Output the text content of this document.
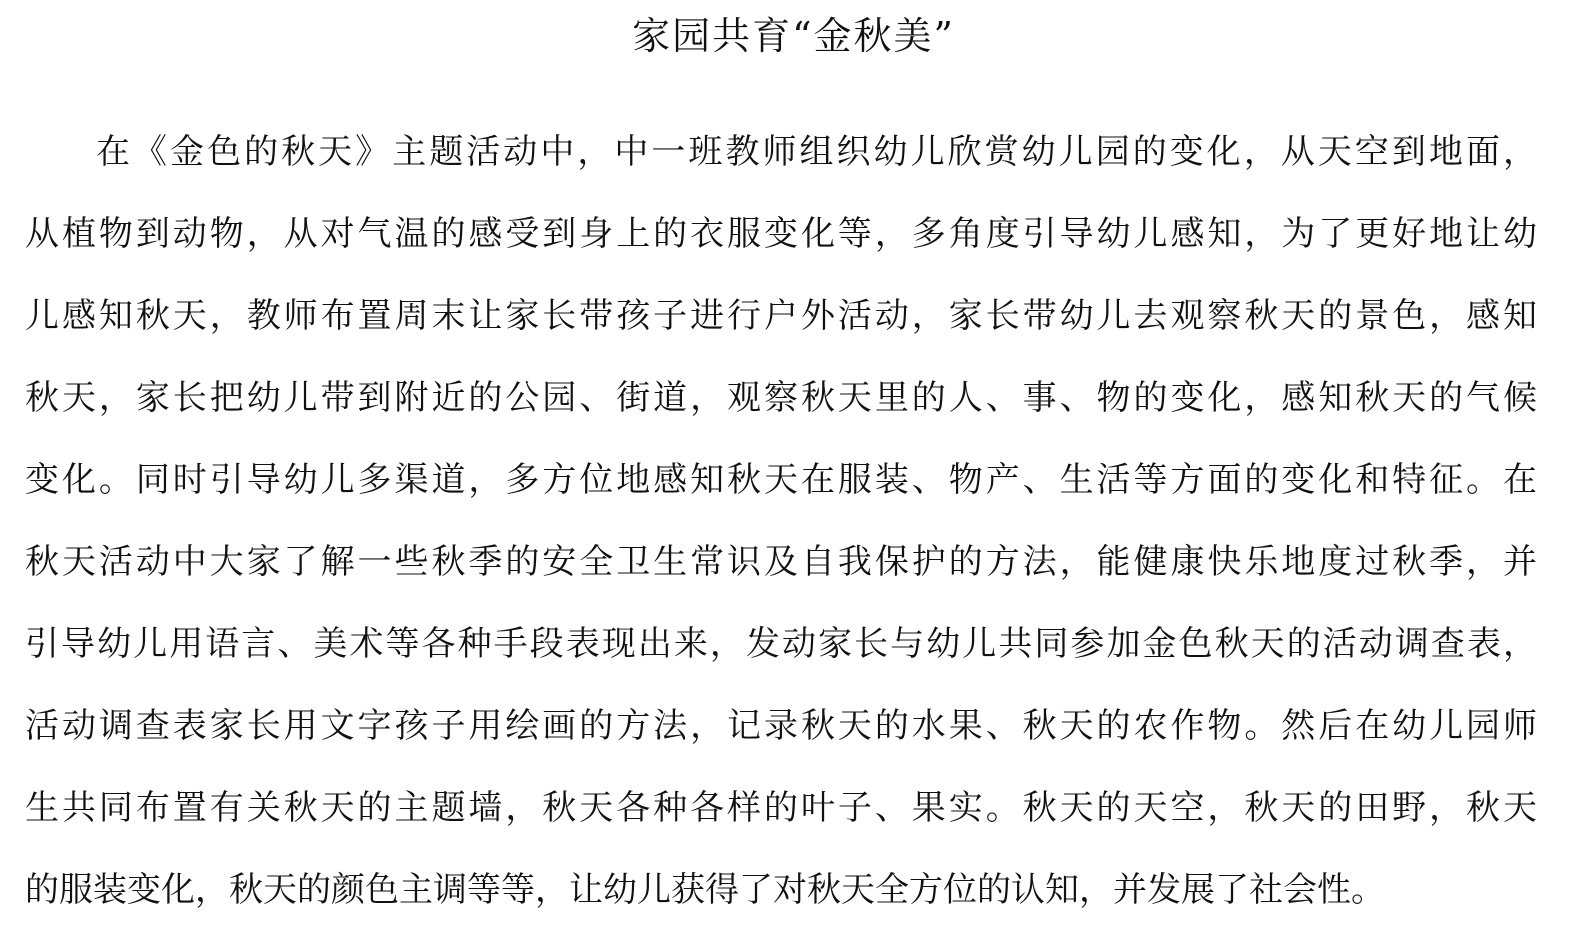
家园共育“金秋美”
在《金色的秋天》主题活动中，中一班教师组织幼儿欣赏幼儿园的变化，从天空到地面，
从植物到动物，从对气温的感受到身上的衣服变化等，多角度引导幼儿感知，为了更好地让幼
儿感知秋天，教师布置周末让家长带孩子进行户外活动，家长带幼儿去观察秋天的景色，感知
秋天，家长把幼儿带到附近的公园、街道，观察秋天里的人、事、物的变化，感知秋天的气候
变化。同时引导幼儿多渠道，多方位地感知秋天在服装、物产、生活等方面的变化和特征。在
秋天活动中大家了解一些秋季的安全卫生常识及自我保护的方法，能健康快乐地度过秋季，并
引导幼儿用语言、美术等各种手段表现出来，发动家长与幼儿共同参加金色秋天的活动调查表，
活动调查表家长用文字孩子用绘画的方法，记录秋天的水果、秋天的农作物。然后在幼儿园师
生共同布置有关秋天的主题墙，秋天各种各样的叶子、果实。秋天的天空，秋天的田野，秋天
的服装变化，秋天的颜色主调等等，让幼儿获得了对秋天全方位的认知，并发展了社会性。
